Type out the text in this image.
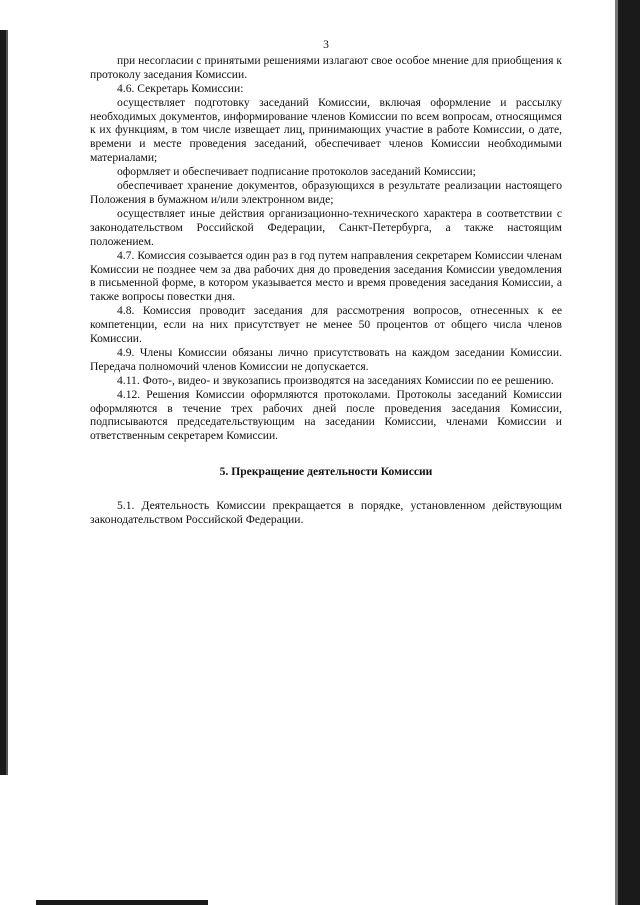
3

при несогласии с принятыми решениями излагают свое особое мнение для приобщения к протоколу заседания Комиссии.

4.6. Секретарь Комиссии:

осуществляет подготовку заседаний Комиссии, включая оформление и рассылку необходимых документов, информирование членов Комиссии по всем вопросам, относящимся к их функциям, в том числе извещает лиц, принимающих участие в работе Комиссии, о дате, времени и месте проведения заседаний, обеспечивает членов Комиссии необходимыми материалами;

оформляет и обеспечивает подписание протоколов заседаний Комиссии;

обеспечивает хранение документов, образующихся в результате реализации настоящего Положения в бумажном и/или электронном виде;

осуществляет иные действия организационно-технического характера в соответствии с законодательством Российской Федерации, Санкт-Петербурга, а также настоящим положением.

4.7. Комиссия созывается один раз в год путем направления секретарем Комиссии членам Комиссии не позднее чем за два рабочих дня до проведения заседания Комиссии уведомления в письменной форме, в котором указывается место и время проведения заседания Комиссии, а также вопросы повестки дня.

4.8. Комиссия проводит заседания для рассмотрения вопросов, отнесенных к ее компетенции, если на них присутствует не менее 50 процентов от общего числа членов Комиссии.

4.9. Члены Комиссии обязаны лично присутствовать на каждом заседании Комиссии. Передача полномочий членов Комиссии не допускается.

4.11. Фото-, видео- и звукозапись производятся на заседаниях Комиссии по ее решению.

4.12. Решения Комиссии оформляются протоколами. Протоколы заседаний Комиссии оформляются в течение трех рабочих дней после проведения заседания Комиссии, подписываются председательствующим на заседании Комиссии, членами Комиссии и ответственным секретарем Комиссии.

5. Прекращение деятельности Комиссии

5.1. Деятельность Комиссии прекращается в порядке, установленном действующим законодательством Российской Федерации.
